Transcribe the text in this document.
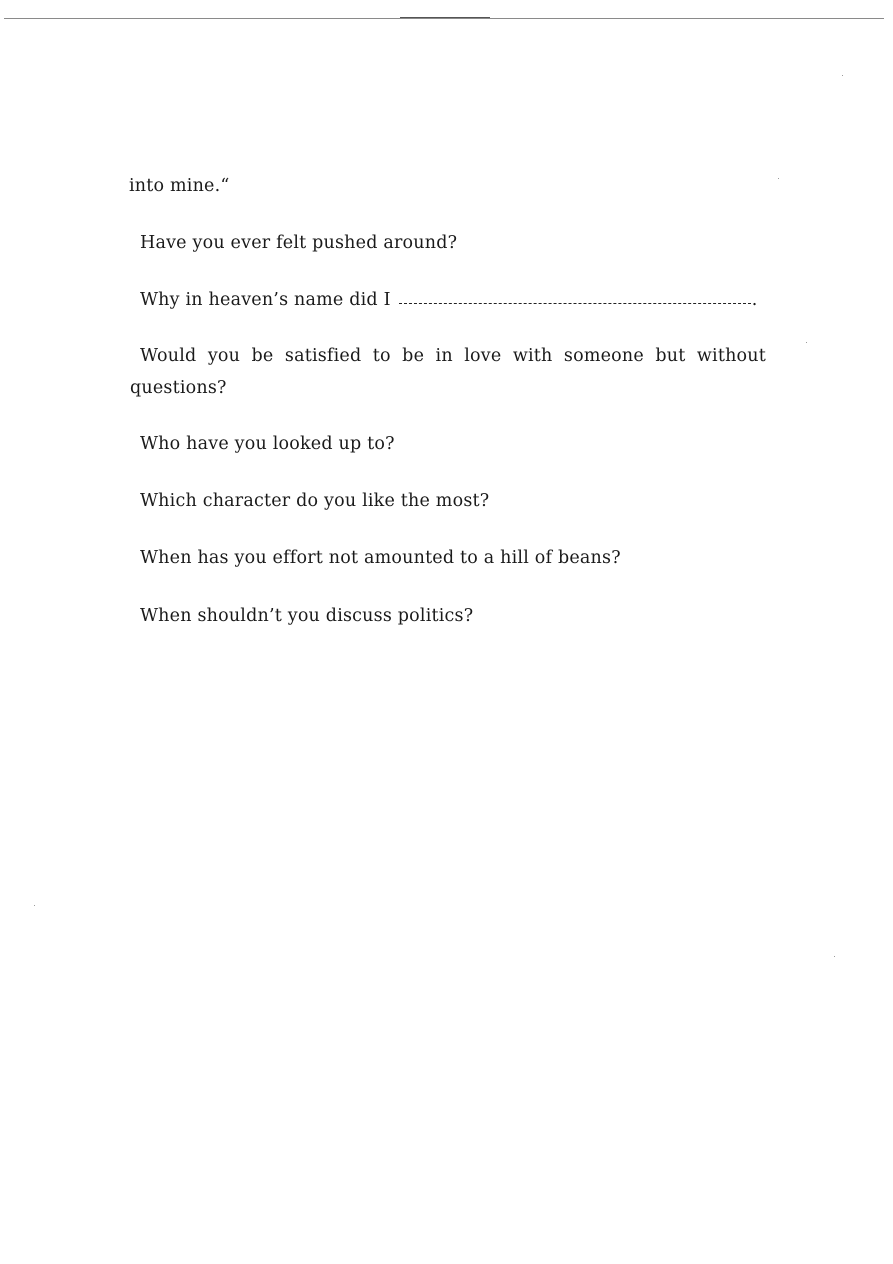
into mine.“
Have you ever felt pushed around?
Why in heaven’s name did I	.
Would you be satisfied to be in love with someone but without
questions?
Who have you looked up to?
Which character do you like the most?
When has you effort not amounted to a hill of beans?
When shouldn’t you discuss politics?
